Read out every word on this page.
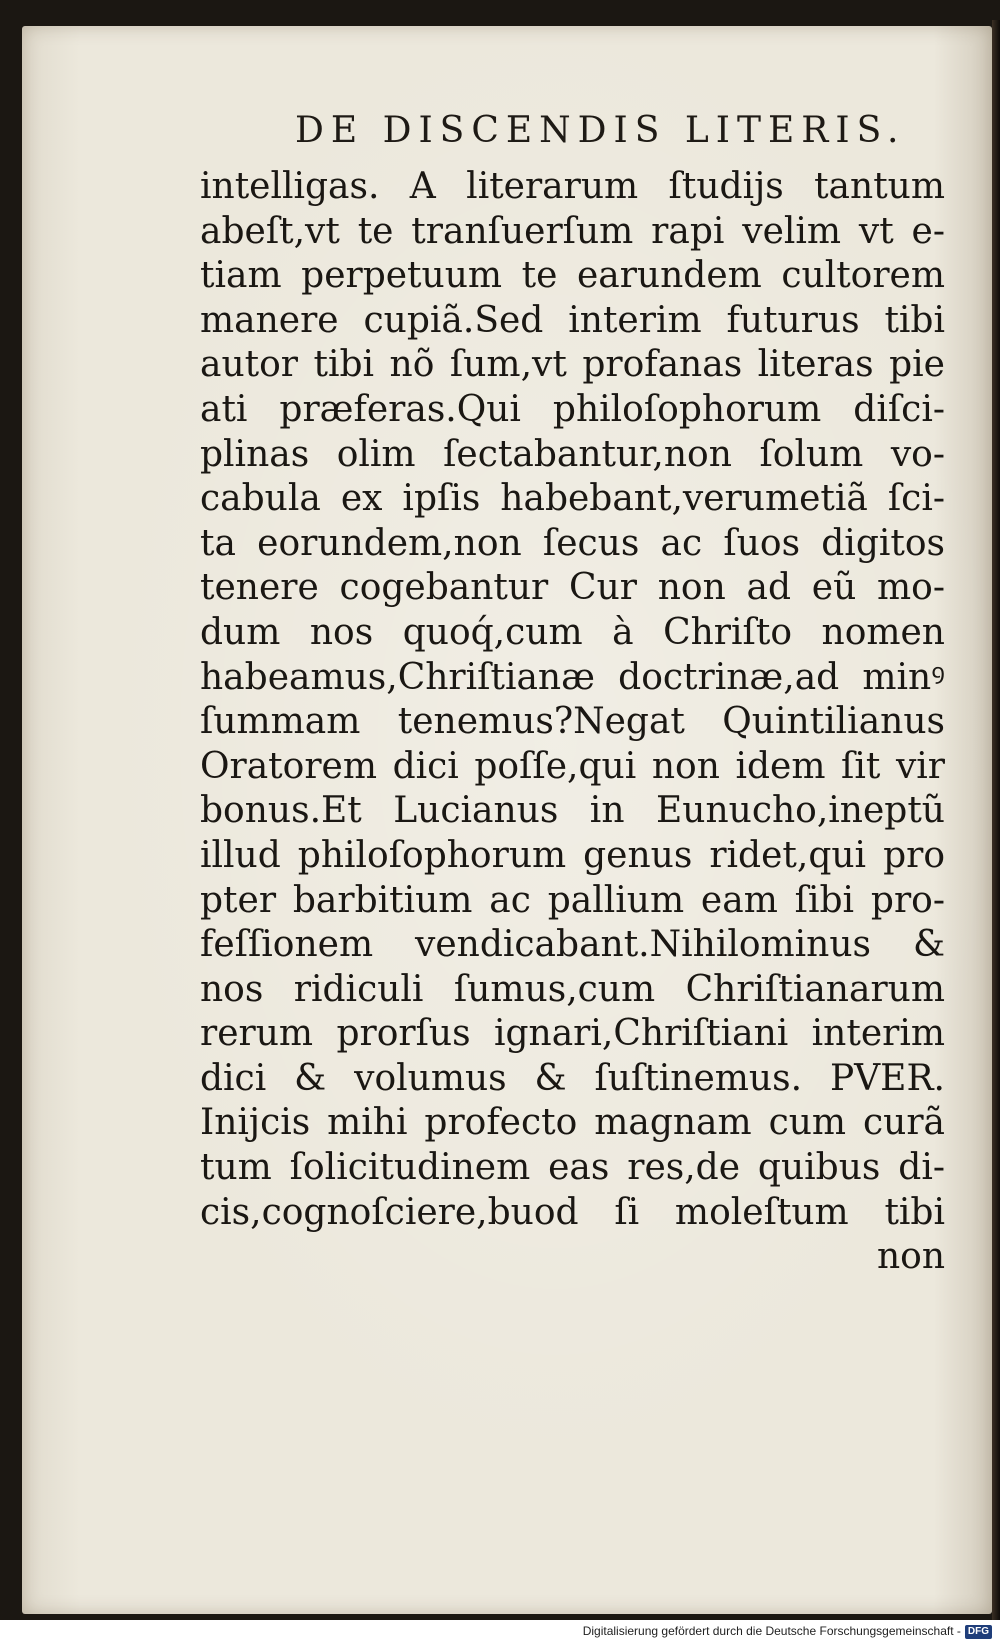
DE DISCENDIS LITERIS.
intelligas. A literarum ſtudijs tantum
abeſt,vt te tranſuerſum rapi velim vt e-
tiam perpetuum te earundem cultorem
manere cupiã.Sed interim futurus tibi
autor tibi nõ ſum,vt profanas literas pie
ati præferas.Qui philoſophorum diſci-
plinas olim ſectabantur,non ſolum vo-
cabula ex ipſis habebant,verumetiã ſci-
ta eorundem,non ſecus ac ſuos digitos
tenere cogebantur Cur non ad eũ mo-
dum nos quoq́,cum à Chriſto nomen
habeamus,Chriſtianæ doctrinæ,ad minꝰ
ſummam tenemus?Negat Quintilianus
Oratorem dici poſſe,qui non idem ſit vir
bonus.Et Lucianus in Eunucho,ineptũ
illud philoſophorum genus ridet,qui pro
pter barbitium ac pallium eam ſibi pro-
feſſionem vendicabant.Nihilominus &
nos ridiculi ſumus,cum Chriſtianarum
rerum prorſus ignari,Chriſtiani interim
dici & volumus & ſuſtinemus. PVER.
Inijcis mihi profecto magnam cum curã
tum ſolicitudinem eas res,de quibus di-
cis,cognoſciere,buod ſi moleſtum tibi
non
Digitalisierung gefördert durch die Deutsche Forschungsgemeinschaft - DFG
